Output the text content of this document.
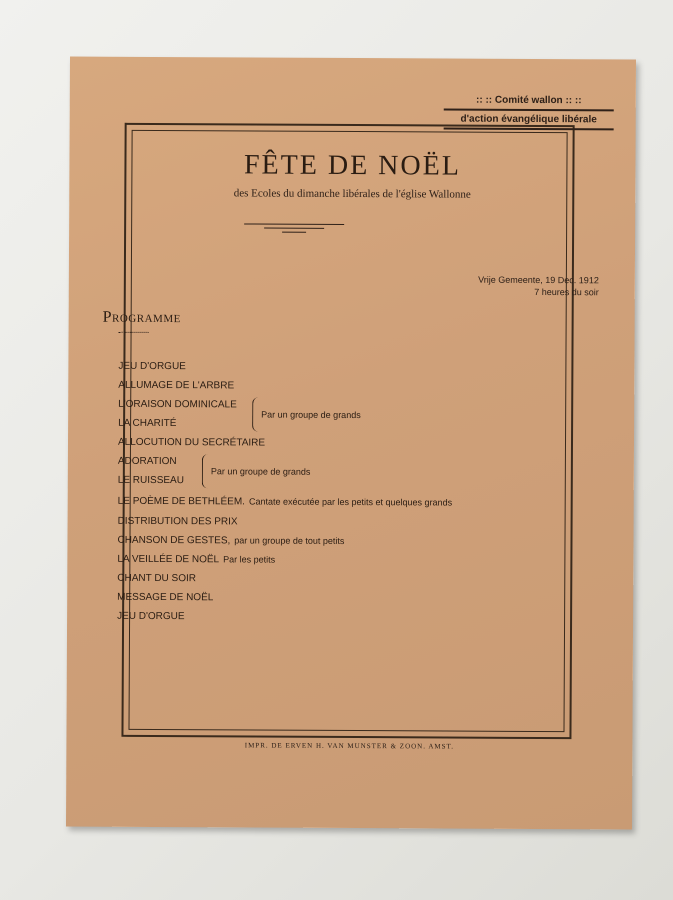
:: :: Comité wallon :: ::
d'action évangélique libérale
FÊTE DE NOËL
des Ecoles du dimanche libérales de l'église Wallonne
Vrije Gemeente, 19 Dec. 1912
7 heures du soir
Programme
JEU D'ORGUE
ALLUMAGE DE L'ARBRE
L'ORAISON DOMINICALE
LA CHARITÉ
ALLOCUTION DU SECRÉTAIRE
ADORATION
LE RUISSEAU
LE POÈME DE BETHLÉEM. Cantate exécutée par les petits et quelques grands
DISTRIBUTION DES PRIX
CHANSON DE GESTES, par un groupe de tout petits
LA VEILLÉE DE NOËL Par les petits
CHANT DU SOIR
MESSAGE DE NOËL
JEU D'ORGUE
Par un groupe de grands
Par un groupe de grands
IMPR. DE ERVEN H. VAN MUNSTER & ZOON. AMST.
